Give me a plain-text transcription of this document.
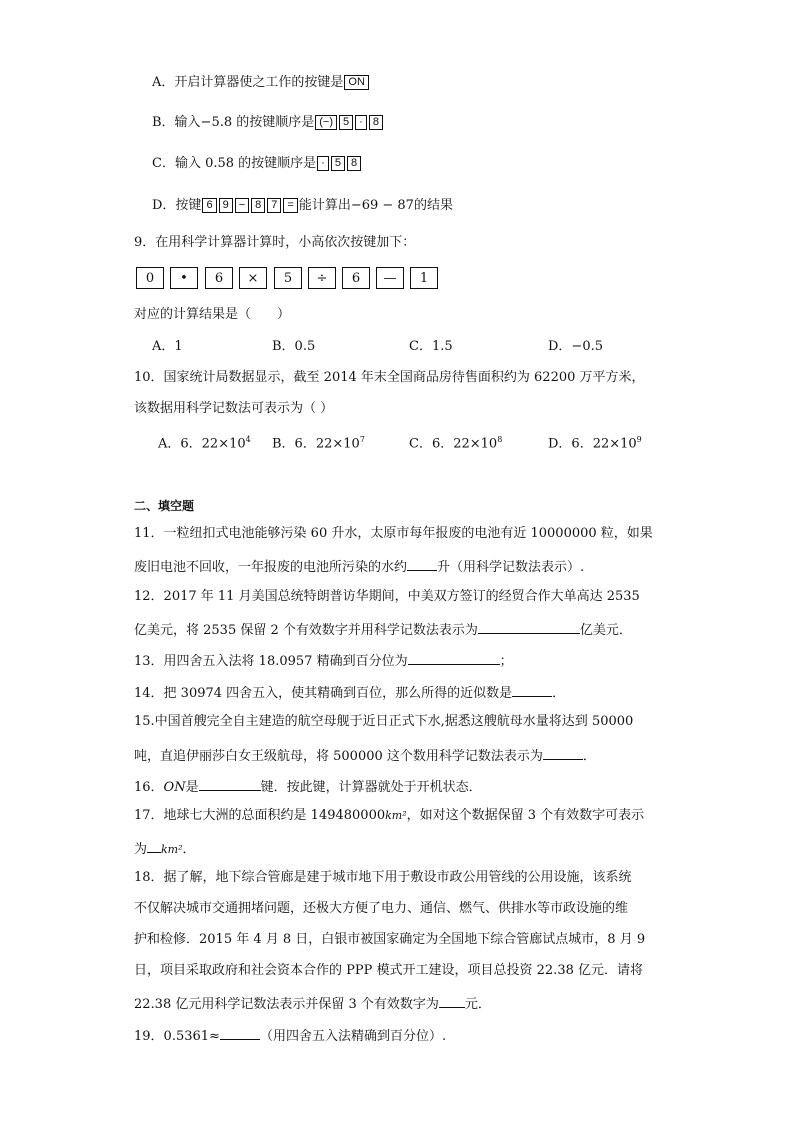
A．开启计算器使之工作的按键是 ON
B．输入−5.8 的按键顺序是 (−) 5 · 8
C．输入 0.58 的按键顺序是 · 5 8
D．按键 6 9 − 8 7 = 能计算出−69 − 87的结果
9．在用科学计算器计算时，小高依次按键加下：
0	•	6	×	5	÷	6	—	1
对应的计算结果是（　　）
A．1	B．0.5	C．1.5	D．−0.5
10．国家统计局数据显示，截至 2014 年末全国商品房待售面积约为 62200 万平方米，
该数据用科学记数法可表示为（ ）
A．6．$22\times 10^4$ B．6．$22\times 10^7$	C．6．$22\times 10^8$	D．6．$22\times 10^9$
二、填空题
11．一粒纽扣式电池能够污染 60 升水，太原市每年报废的电池有近 10000000 粒，如果
废旧电池不回收，一年报废的电池所污染的水约 升（用科学记数法表示）.
12．2017 年 11 月美国总统特朗普访华期间，中美双方签订的经贸合作大单高达 2535
亿美元，将 2535 保留 2 个有效数字并用科学记数法表示为	亿美元．
13．用四舍五入法将 18.0957 精确到百分位为	；
14．把 30974 四舍五入，使其精确到百位，那么所得的近似数是	．
15.中国首艘完全自主建造的航空母舰于近日正式下水,据悉这艘航母水量将达到 50000
吨，直追伊丽莎白女王级航母，将 500000 这个数用科学记数法表示为	．
16．ON是	键．按此键，计算器就处于开机状态．
17．地球七大洲的总面积约是 149480000km²，如对这个数据保留 3 个有效数字可表示
为 km²．
18．据了解，地下综合管廊是建于城市地下用于敷设市政公用管线的公用设施，该系统
不仅解决城市交通拥堵问题，还极大方便了电力、通信、燃气、供排水等市政设施的维
护和检修．2015 年 4 月 8 日，白银市被国家确定为全国地下综合管廊试点城市，8 月 9
日，项目采取政府和社会资本合作的 PPP 模式开工建设，项目总投资 22.38 亿元．请将
22.38 亿元用科学记数法表示并保留 3 个有效数字为 元．
19．0.5361≈	（用四舍五入法精确到百分位）.
